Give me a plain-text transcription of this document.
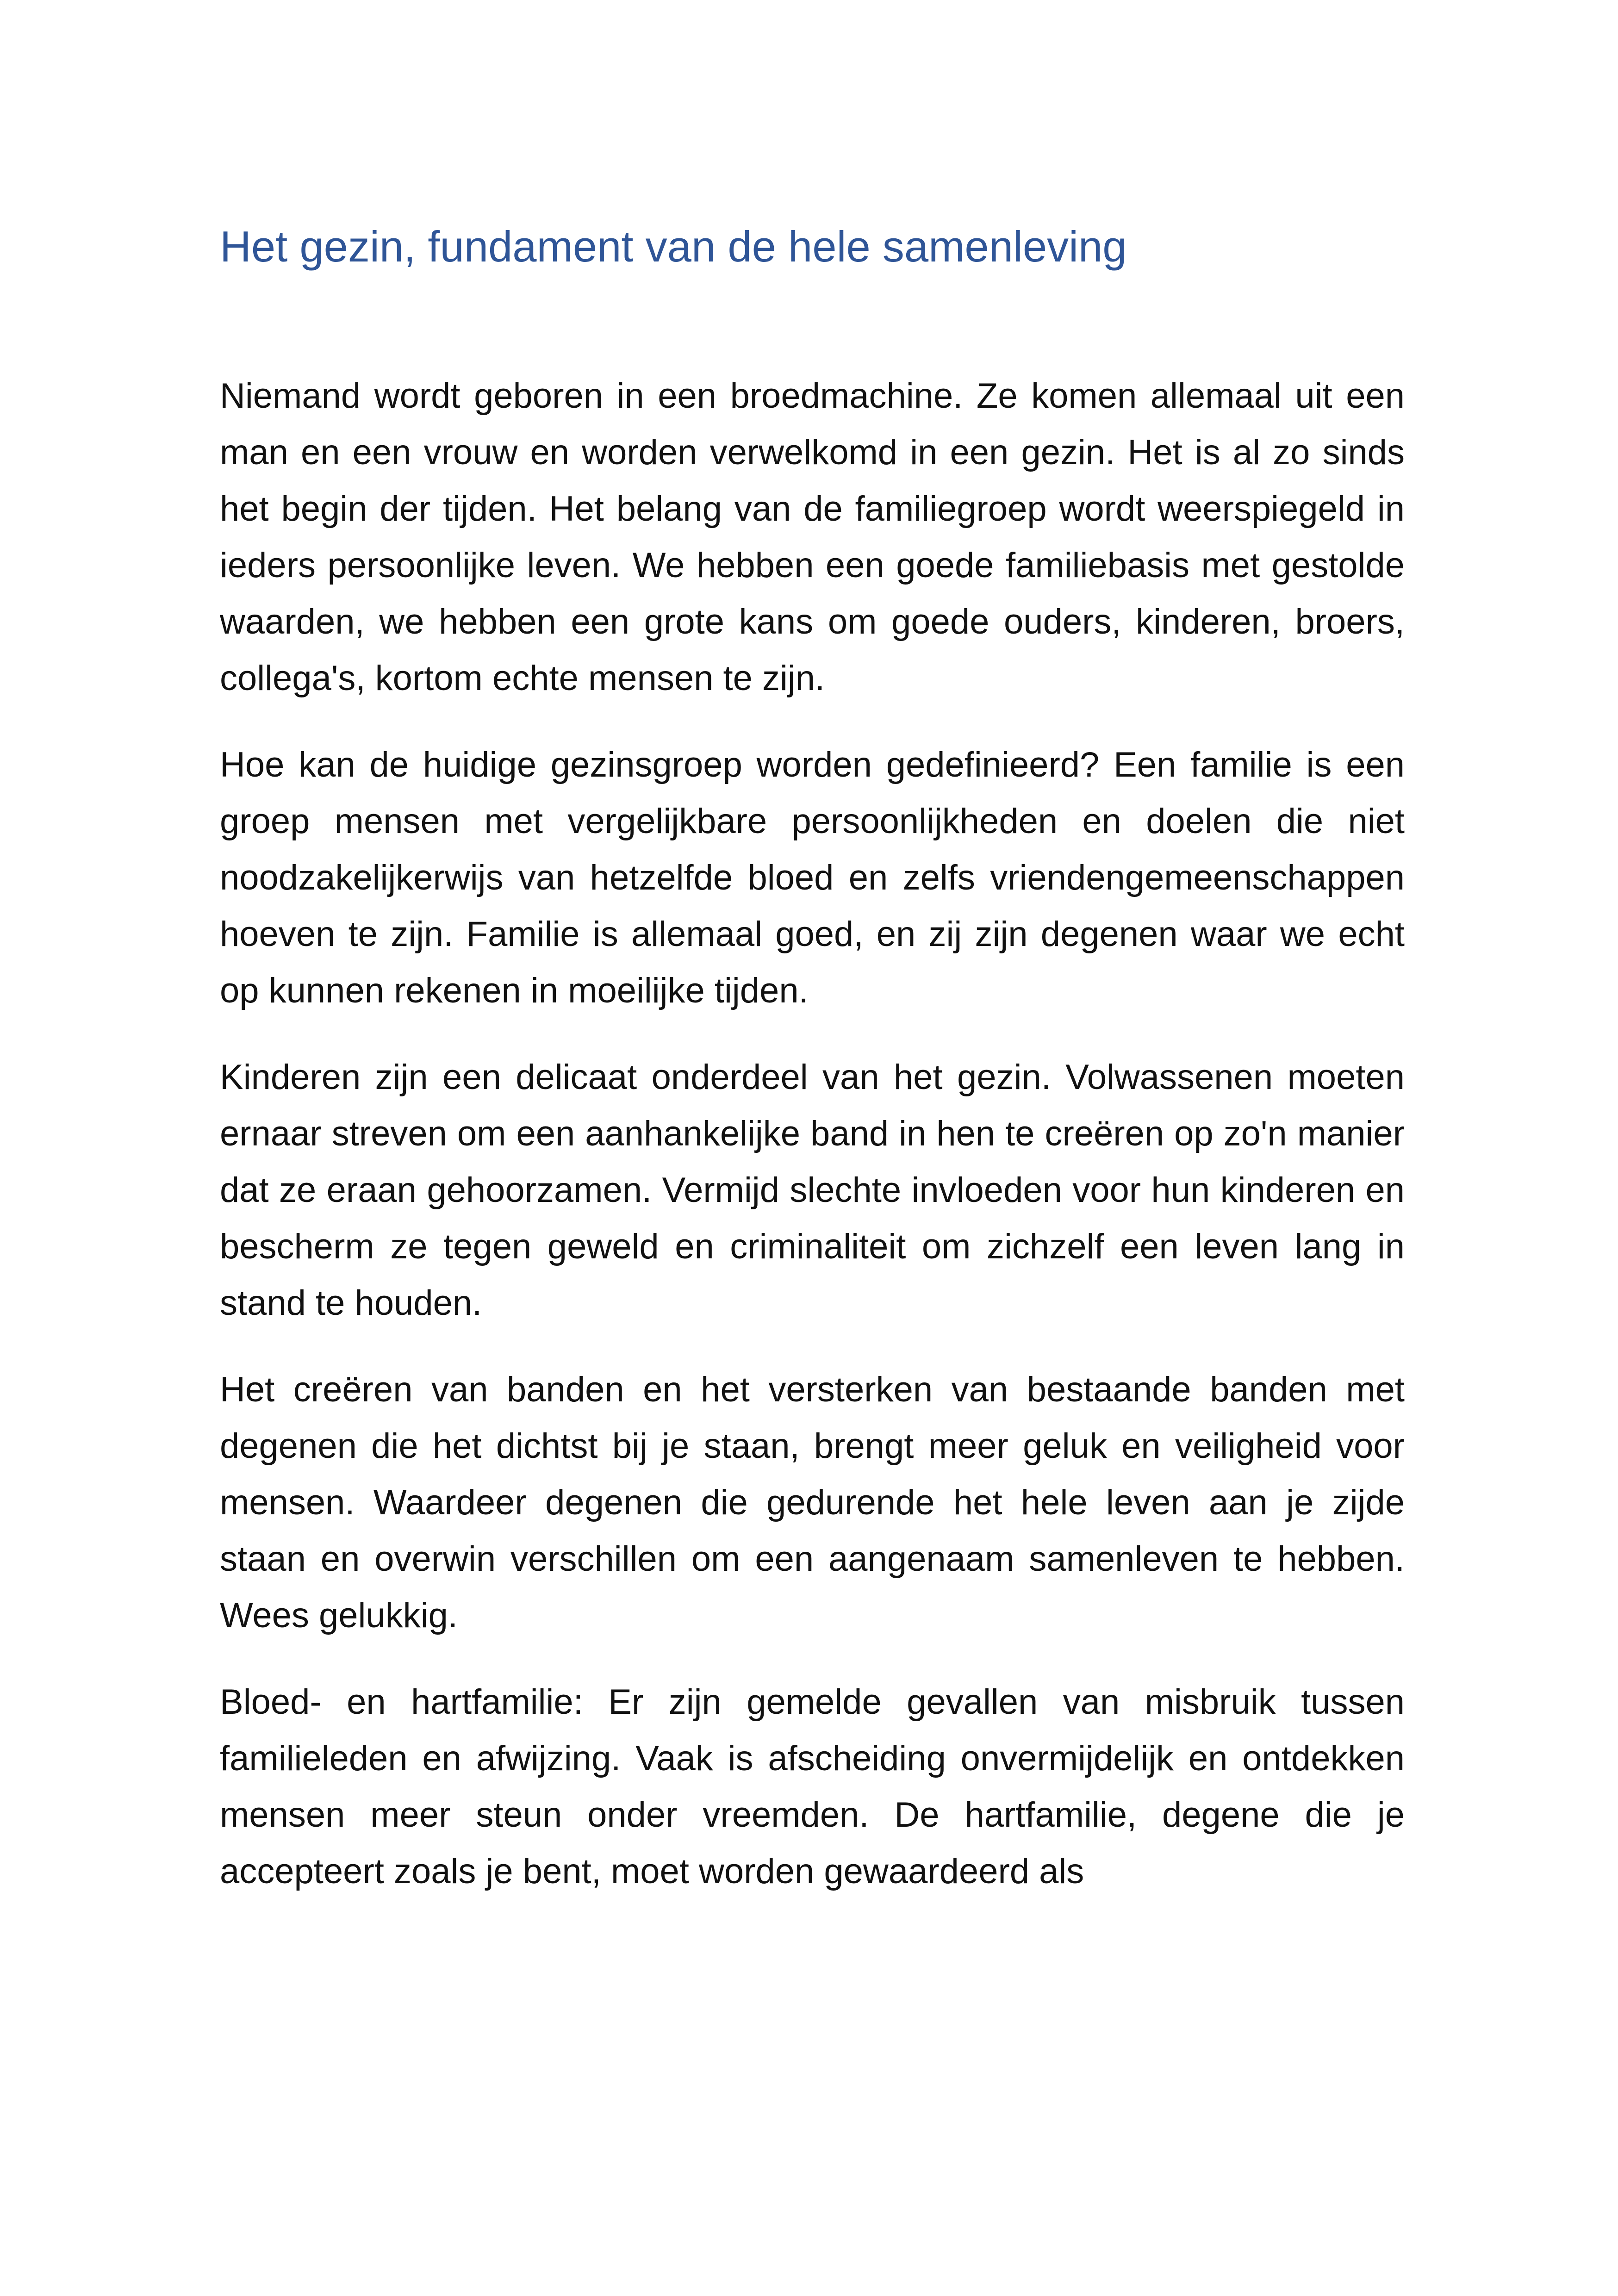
Het gezin, fundament van de hele samenleving

Niemand wordt geboren in een broedmachine. Ze komen allemaal uit een man en een vrouw en worden verwelkomd in een gezin. Het is al zo sinds het begin der tijden. Het belang van de familiegroep wordt weerspiegeld in ieders persoonlijke leven. We hebben een goede familiebasis met gestolde waarden, we hebben een grote kans om goede ouders, kinderen, broers, collega's, kortom echte mensen te zijn.

Hoe kan de huidige gezinsgroep worden gedefinieerd? Een familie is een groep mensen met vergelijkbare persoonlijkheden en doelen die niet noodzakelijkerwijs van hetzelfde bloed en zelfs vriendengemeenschappen hoeven te zijn. Familie is allemaal goed, en zij zijn degenen waar we echt op kunnen rekenen in moeilijke tijden.

Kinderen zijn een delicaat onderdeel van het gezin. Volwassenen moeten ernaar streven om een aanhankelijke band in hen te creëren op zo'n manier dat ze eraan gehoorzamen. Vermijd slechte invloeden voor hun kinderen en bescherm ze tegen geweld en criminaliteit om zichzelf een leven lang in stand te houden.

Het creëren van banden en het versterken van bestaande banden met degenen die het dichtst bij je staan, brengt meer geluk en veiligheid voor mensen. Waardeer degenen die gedurende het hele leven aan je zijde staan en overwin verschillen om een aangenaam samenleven te hebben. Wees gelukkig.

Bloed- en hartfamilie: Er zijn gemelde gevallen van misbruik tussen familieleden en afwijzing. Vaak is afscheiding onvermijdelijk en ontdekken mensen meer steun onder vreemden. De hartfamilie, degene die je accepteert zoals je bent, moet worden gewaardeerd als
